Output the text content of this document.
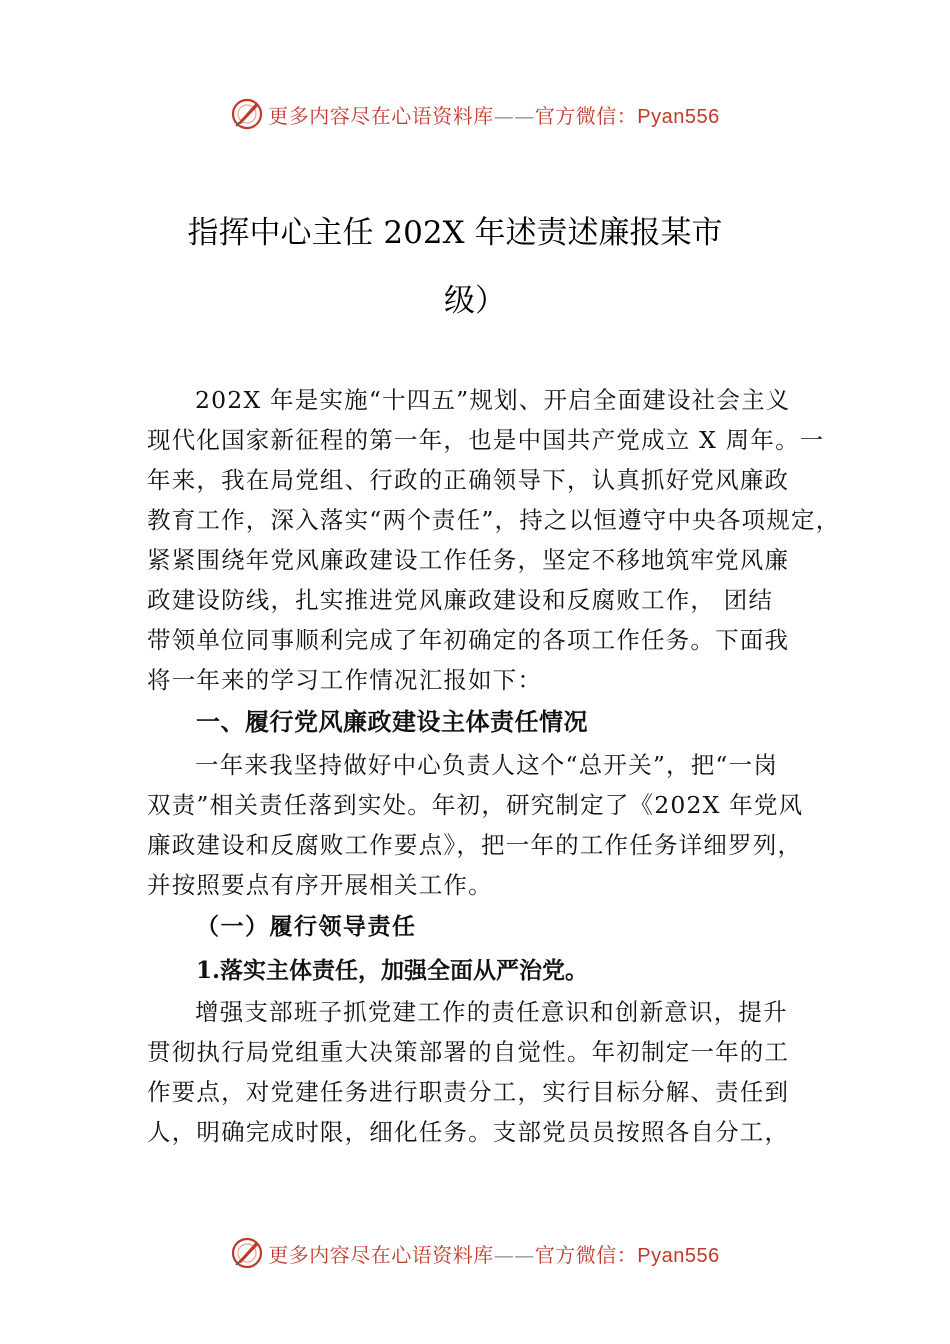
更多内容尽在心语资料库——官方微信：Pyan556
指挥中心主任 202X 年述责述廉报某市
级）
202X 年是实施“十四五”规划、开启全面建设社会主义
现代化国家新征程的第一年，也是中国共产党成立 X 周年。一
年来，我在局党组、行政的正确领导下，认真抓好党风廉政
教育工作，深入落实“两个责任”，持之以恒遵守中央各项规定，
紧紧围绕年党风廉政建设工作任务，坚定不移地筑牢党风廉
政建设防线，扎实推进党风廉政建设和反腐败工作， 团结
带领单位同事顺利完成了年初确定的各项工作任务。下面我
将一年来的学习工作情况汇报如下：
一、履行党风廉政建设主体责任情况
一年来我坚持做好中心负责人这个“总开关”，把“一岗
双责”相关责任落到实处。年初，研究制定了《202X 年党风
廉政建设和反腐败工作要点》，把一年的工作任务详细罗列，
并按照要点有序开展相关工作。
（一）履行领导责任
1.落实主体责任，加强全面从严治党。
增强支部班子抓党建工作的责任意识和创新意识，提升
贯彻执行局党组重大决策部署的自觉性。年初制定一年的工
作要点，对党建任务进行职责分工，实行目标分解、责任到
人，明确完成时限，细化任务。支部党员员按照各自分工，
更多内容尽在心语资料库——官方微信：Pyan556
